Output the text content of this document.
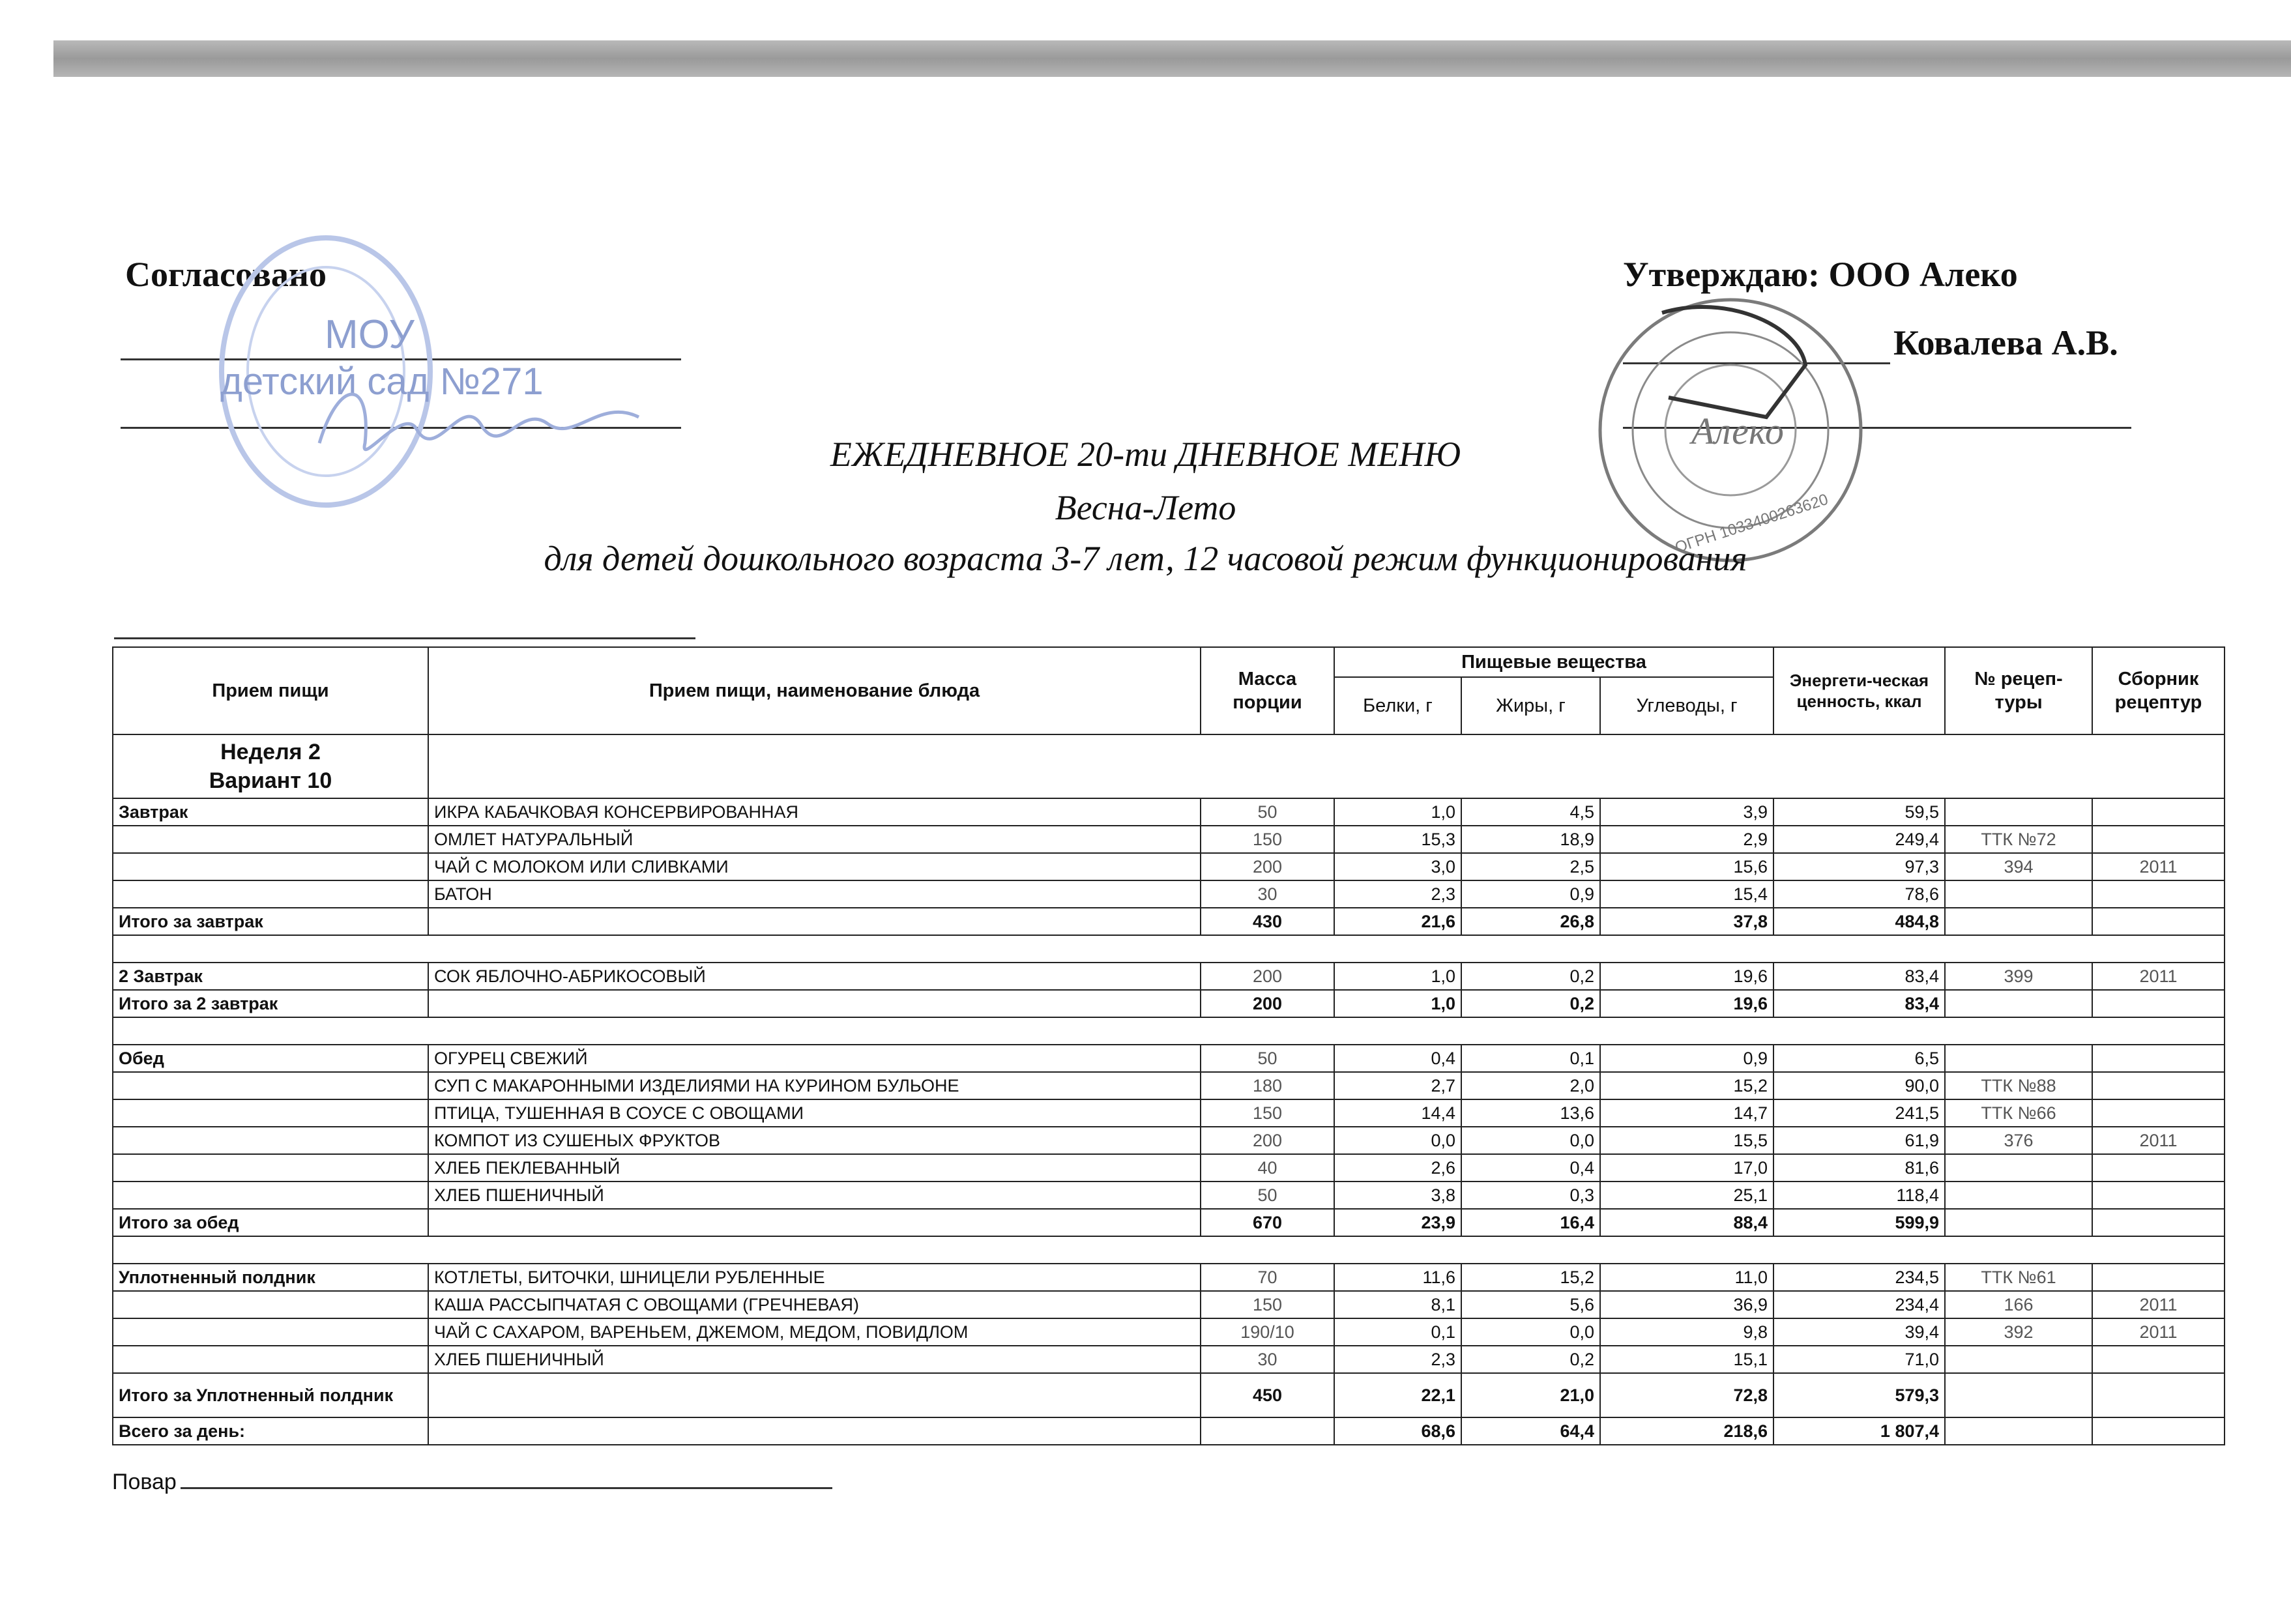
Согласовано
МОУ
детский сад №271
Утверждаю: ООО Алеко
Ковалева А.В.
Алеко
ОГРН 1033400263620
ЕЖЕДНЕВНОЕ 20-ти ДНЕВНОЕ МЕНЮ
Весна-Лето
для детей дошкольного возраста 3-7 лет, 12 часовой режим функционирования
Прием пищи	Прием пищи, наименование блюда	Масса порции	Пищевые вещества			Энергети-ческая ценность, ккал	№ рецеп-туры	Сборник рецептур
			Белки, г	Жиры, г	Углеводы, г			

Неделя 2
Вариант 10								

Завтрак	ИКРА КАБАЧКОВАЯ КОНСЕРВИРОВАННАЯ	50	1,0	4,5	3,9	59,5		
	ОМЛЕТ НАТУРАЛЬНЫЙ	150	15,3	18,9	2,9	249,4	ТТК №72	
	ЧАЙ С МОЛОКОМ ИЛИ СЛИВКАМИ	200	3,0	2,5	15,6	97,3	394	2011
	БАТОН	30	2,3	0,9	15,4	78,6		
Итого за завтрак		430	21,6	26,8	37,8	484,8		

2 Завтрак	СОК ЯБЛОЧНО-АБРИКОСОВЫЙ	200	1,0	0,2	19,6	83,4	399	2011
Итого за 2 завтрак		200	1,0	0,2	19,6	83,4		

Обед	ОГУРЕЦ СВЕЖИЙ	50	0,4	0,1	0,9	6,5		
	СУП С МАКАРОННЫМИ ИЗДЕЛИЯМИ НА КУРИНОМ БУЛЬОНЕ	180	2,7	2,0	15,2	90,0	ТТК №88	
	ПТИЦА, ТУШЕННАЯ В СОУСЕ С ОВОЩАМИ	150	14,4	13,6	14,7	241,5	ТТК №66	
	КОМПОТ ИЗ СУШЕНЫХ ФРУКТОВ	200	0,0	0,0	15,5	61,9	376	2011
	ХЛЕБ ПЕКЛЕВАННЫЙ	40	2,6	0,4	17,0	81,6		
	ХЛЕБ ПШЕНИЧНЫЙ	50	3,8	0,3	25,1	118,4		
Итого за обед		670	23,9	16,4	88,4	599,9		

Уплотненный полдник	КОТЛЕТЫ, БИТОЧКИ, ШНИЦЕЛИ РУБЛЕННЫЕ	70	11,6	15,2	11,0	234,5	ТТК №61	
	КАША РАССЫПЧАТАЯ С ОВОЩАМИ (ГРЕЧНЕВАЯ)	150	8,1	5,6	36,9	234,4	166	2011
	ЧАЙ С САХАРОМ, ВАРЕНЬЕМ, ДЖЕМОМ, МЕДОМ, ПОВИДЛОМ	190/10	0,1	0,0	9,8	39,4	392	2011
	ХЛЕБ ПШЕНИЧНЫЙ	30	2,3	0,2	15,1	71,0		
Итого за Уплотненный полдник		450	22,1	21,0	72,8	579,3		
Всего за день:			68,6	64,4	218,6	1 807,4		
Повар
